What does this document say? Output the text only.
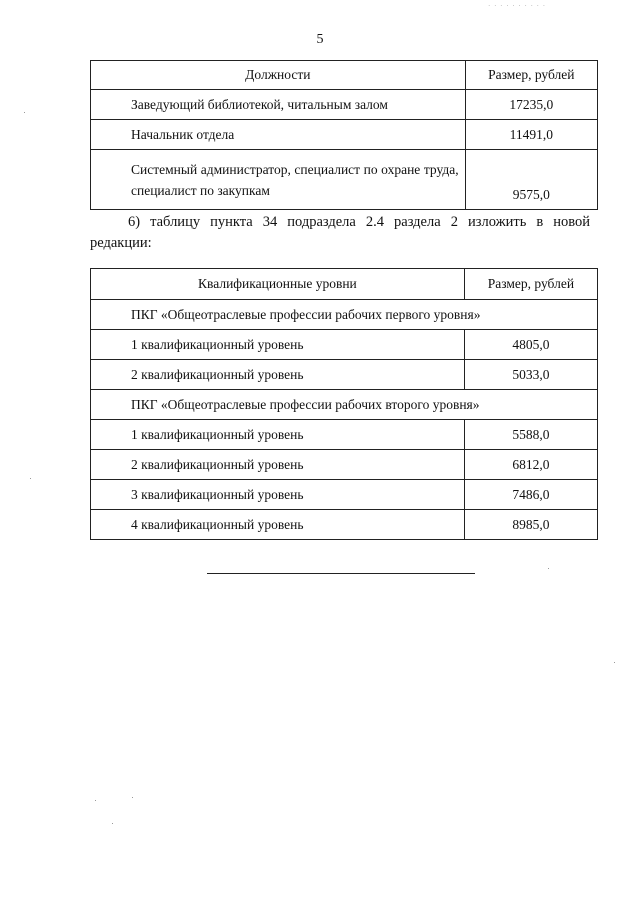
· · · · · · · · · ·
5
Должности	Размер, рублей
Заведующий библиотекой, читальным залом	17235,0
Начальник отдела	11491,0
Системный администратор, специалист по охране труда, специалист по закупкам	9575,0

6) таблицу пункта 34 подраздела 2.4 раздела 2 изложить в новой редакции:

Квалификационные уровни	Размер, рублей
ПКГ «Общеотраслевые профессии рабочих первого уровня»	
1 квалификационный уровень	4805,0
2 квалификационный уровень	5033,0
ПКГ «Общеотраслевые профессии рабочих второго уровня»	
1 квалификационный уровень	5588,0
2 квалификационный уровень	6812,0
3 квалификационный уровень	7486,0
4 квалификационный уровень	8985,0
